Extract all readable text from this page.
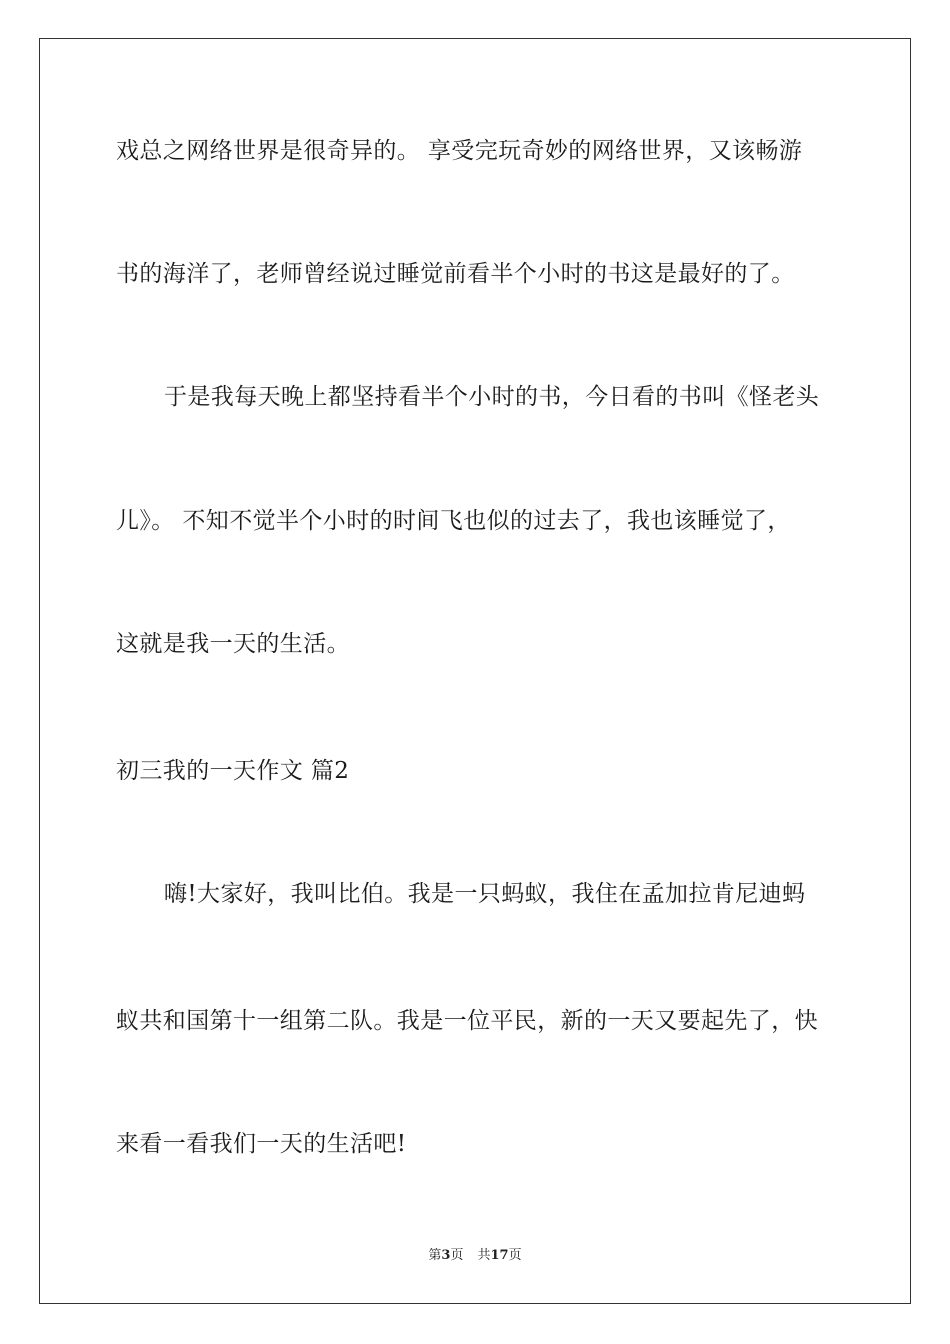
戏总之网络世界是很奇异的。 享受完玩奇妙的网络世界，又该畅游
书的海洋了，老师曾经说过睡觉前看半个小时的书这是最好的了。
于是我每天晚上都坚持看半个小时的书，今日看的书叫《怪老头
儿》。 不知不觉半个小时的时间飞也似的过去了，我也该睡觉了，
这就是我一天的生活。
初三我的一天作文 篇2
嗨!大家好，我叫比伯。我是一只蚂蚁，我住在孟加拉肯尼迪蚂
蚁共和国第十一组第二队。我是一位平民，新的一天又要起先了，快
来看一看我们一天的生活吧!
第3页 共17页
